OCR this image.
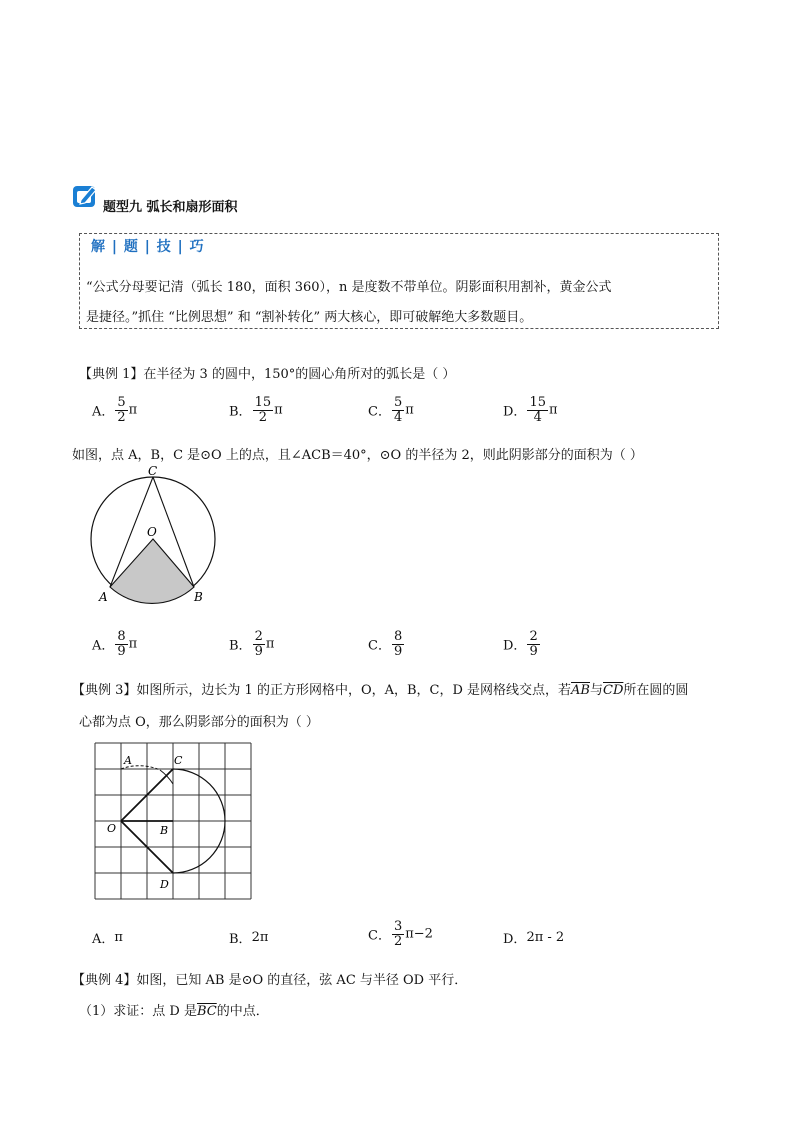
题型九 弧长和扇形面积
解 | 题 | 技 | 巧
“公式分母要记清（弧长 180，面积 360），n 是度数不带单位。阴影面积用割补，黄金公式
是捷径。”抓住 “比例思想” 和 “割补转化” 两大核心，即可破解绝大多数题目。
【典例 1】在半径为 3 的圆中，150°的圆心角所对的弧长是（ ）
A． $\frac{5}{2}$ π	B． $\frac{15}{2}$ π	C． $\frac{5}{4}$ π	D． $\frac{15}{4}$ π
如图，点 A，B，C 是⊙O 上的点，且∠ACB＝40°，⊙O 的半径为 2，则此阴影部分的面积为（ ）
C
O
A	B
A． $\frac{8}{9}$ π	B． $\frac{2}{9}$ π	C． $\frac{8}{9}$	D． $\frac{2}{9}$
【典例 3】如图所示，边长为 1 的正方形网格中，O，A，B，C，D 是网格线交点，若$\overline{AB}$与$\overline{CD}$所在圆的圆
心都为点 O，那么阴影部分的面积为（ ）
A	C
O	B
D
A．π	B．2π	C． $\frac{3}{2} \pi-2$	D．2π - 2
【典例 4】如图，已知 AB 是⊙O 的直径，弦 AC 与半径 OD 平行．
（1）求证：点 D 是$\overline{BC}$的中点．
